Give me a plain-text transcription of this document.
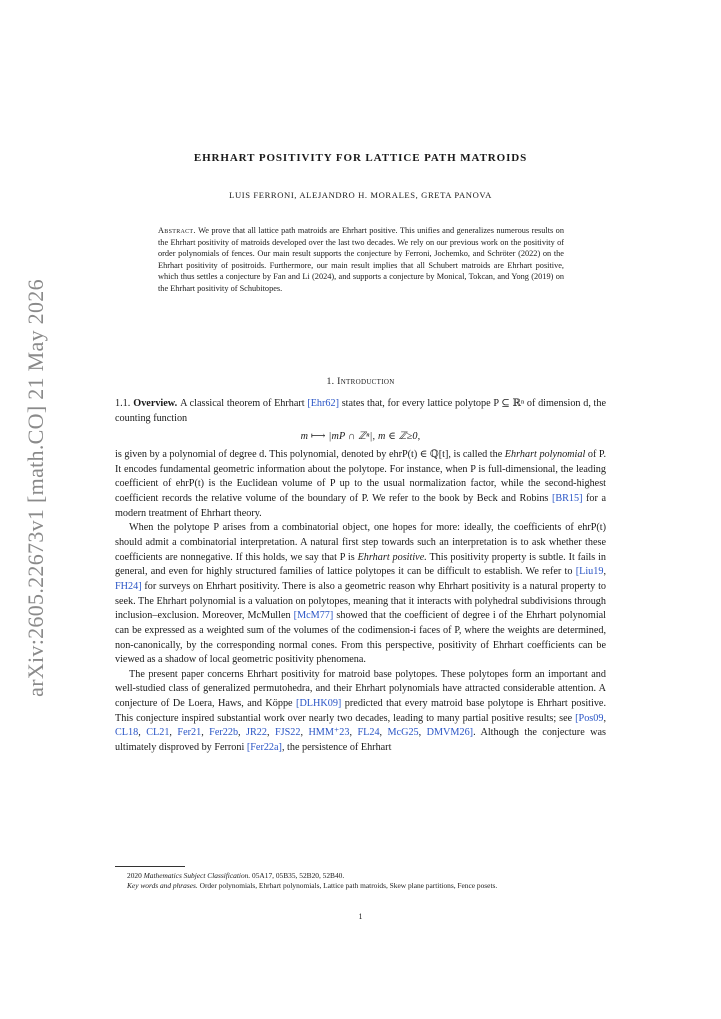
arXiv:2605.22673v1 [math.CO] 21 May 2026
EHRHART POSITIVITY FOR LATTICE PATH MATROIDS
LUIS FERRONI, ALEJANDRO H. MORALES, GRETA PANOVA
Abstract. We prove that all lattice path matroids are Ehrhart positive. This unifies and generalizes numerous results on the Ehrhart positivity of matroids developed over the last two decades. We rely on our previous work on the positivity of order polynomials of fences. Our main result supports the conjecture by Ferroni, Jochemko, and Schröter (2022) on the Ehrhart positivity of positroids. Furthermore, our main result implies that all Schubert matroids are Ehrhart positive, which thus settles a conjecture by Fan and Li (2024), and supports a conjecture by Monical, Tokcan, and Yong (2019) on the Ehrhart positivity of Schubitopes.
1. Introduction

1.1. Overview. A classical theorem of Ehrhart [Ehr62] states that, for every lattice polytope P ⊆ ℝⁿ of dimension d, the counting function

m ⟼ |mP ∩ ℤⁿ|, m ∈ ℤ≥0,

is given by a polynomial of degree d. This polynomial, denoted by ehrP(t) ∈ ℚ[t], is called the Ehrhart polynomial of P. It encodes fundamental geometric information about the polytope. For instance, when P is full-dimensional, the leading coefficient of ehrP(t) is the Euclidean volume of P up to the usual normalization factor, while the second-highest coefficient records the relative volume of the boundary of P. We refer to the book by Beck and Robins [BR15] for a modern treatment of Ehrhart theory.

When the polytope P arises from a combinatorial object, one hopes for more: ideally, the coefficients of ehrP(t) should admit a combinatorial interpretation. A natural first step towards such an interpretation is to ask whether these coefficients are nonnegative. If this holds, we say that P is Ehrhart positive. This positivity property is subtle. It fails in general, and even for highly structured families of lattice polytopes it can be difficult to establish. We refer to [Liu19, FH24] for surveys on Ehrhart positivity. There is also a geometric reason why Ehrhart positivity is a natural property to seek. The Ehrhart polynomial is a valuation on polytopes, meaning that it interacts with polyhedral subdivisions through inclusion–exclusion. Moreover, McMullen [McM77] showed that the coefficient of degree i of the Ehrhart polynomial can be expressed as a weighted sum of the volumes of the codimension-i faces of P, where the weights are determined, non-canonically, by the corresponding normal cones. From this perspective, positivity of Ehrhart coefficients can be viewed as a shadow of local geometric positivity phenomena.

The present paper concerns Ehrhart positivity for matroid base polytopes. These polytopes form an important and well-studied class of generalized permutohedra, and their Ehrhart polynomials have attracted considerable attention. A conjecture of De Loera, Haws, and Köppe [DLHK09] predicted that every matroid base polytope is Ehrhart positive. This conjecture inspired substantial work over nearly two decades, leading to many partial positive results; see [Pos09, CL18, CL21, Fer21, Fer22b, JR22, FJS22, HMM⁺23, FL24, McG25, DMVM26]. Although the conjecture was ultimately disproved by Ferroni [Fer22a], the persistence of Ehrhart

2020 Mathematics Subject Classification. 05A17, 05B35, 52B20, 52B40.

Key words and phrases. Order polynomials, Ehrhart polynomials, Lattice path matroids, Skew plane partitions, Fence posets.

1
